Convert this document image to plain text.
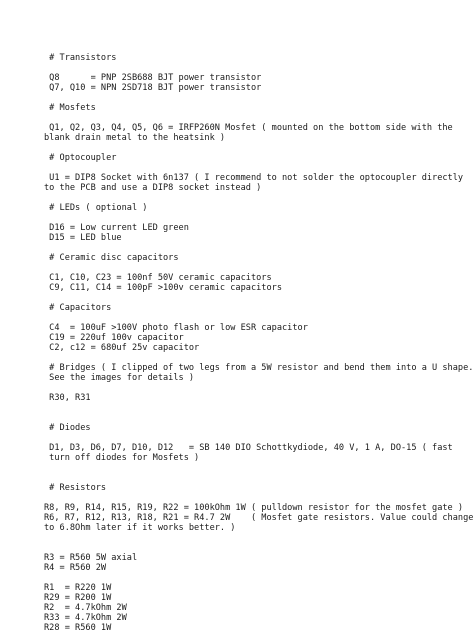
# Transistors
Q8      = PNP 2SB688 BJT power transistor
Q7, Q10 = NPN 2SD718 BJT power transistor
# Mosfets
Q1, Q2, Q3, Q4, Q5, Q6 = IRFP260N Mosfet ( mounted on the bottom side with the
blank drain metal to the heatsink )
# Optocoupler
U1 = DIP8 Socket with 6n137 ( I recommend to not solder the optocoupler directly
to the PCB and use a DIP8 socket instead )
# LEDs ( optional )
D16 = Low current LED green
D15 = LED blue
# Ceramic disc capacitors
C1, C10, C23 = 100nf 50V ceramic capacitors
C9, C11, C14 = 100pF >100v ceramic capacitors
# Capacitors
C4  = 100uF >100V photo flash or low ESR capacitor
C19 = 220uf 100v capacitor
C2, c12 = 680uf 25v capacitor
# Bridges ( I clipped of two legs from a 5W resistor and bend them into a U shape.
See the images for details )
R30, R31
# Diodes
D1, D3, D6, D7, D10, D12   = SB 140 DIO Schottkydiode, 40 V, 1 A, DO-15 ( fast
turn off diodes for Mosfets )
# Resistors
R8, R9, R14, R15, R19, R22 = 100kOhm 1W ( pulldown resistor for the mosfet gate )
R6, R7, R12, R13, R18, R21 = R4.7 2W    ( Mosfet gate resistors. Value could change
to 6.8Ohm later if it works better. )
R3 = R560 5W axial
R4 = R560 2W
R1  = R220 1W
R29 = R200 1W
R2  = 4.7kOhm 2W
R33 = 4.7kOhm 2W
R28 = R560 1W
